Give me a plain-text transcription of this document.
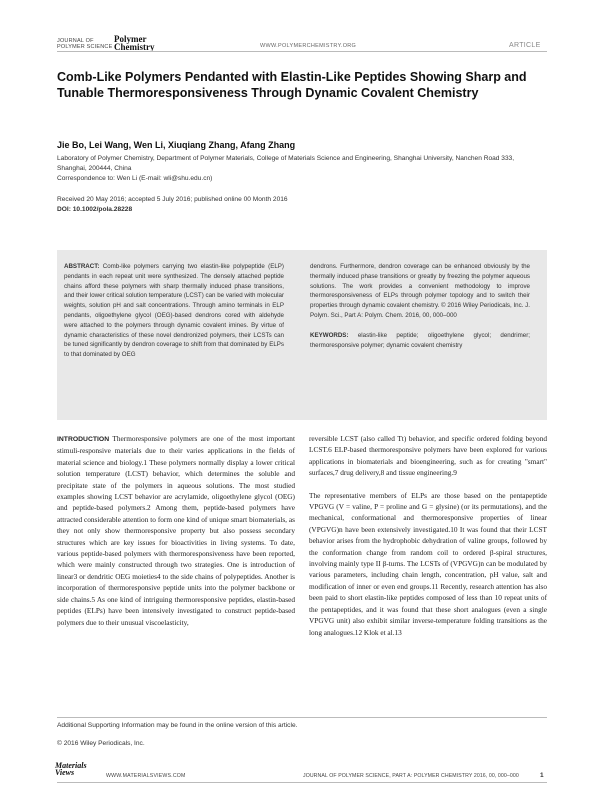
JOURNAL OF
POLYMER SCIENCE
Polymer
Chemistry	WWW.POLYMERCHEMISTRY.ORG	ARTICLE
Comb-Like Polymers Pendanted with Elastin-Like Peptides Showing Sharp and Tunable Thermoresponsiveness Through Dynamic Covalent Chemistry
Jie Bo, Lei Wang, Wen Li, Xiuqiang Zhang, Afang Zhang
Laboratory of Polymer Chemistry, Department of Polymer Materials, College of Materials Science and Engineering, Shanghai University, Nanchen Road 333, Shanghai, 200444, China
Correspondence to: Wen Li (E-mail: wli@shu.edu.cn)
Received 20 May 2016; accepted 5 July 2016; published online 00 Month 2016
DOI: 10.1002/pola.28228
ABSTRACT: Comb-like polymers carrying two elastin-like polypeptide (ELP) pendants in each repeat unit were synthesized. The densely attached peptide chains afford these polymers with sharp thermally induced phase transitions, and their lower critical solution temperature (LCST) can be varied with molecular weights, solution pH and salt concentrations. Through amino terminals in ELP pendants, oligoethylene glycol (OEG)-based dendrons cored with aldehyde were attached to the polymers through dynamic covalent imines. By virtue of dynamic characteristics of these novel dendronized polymers, their LCSTs can be tuned significantly by dendron coverage to shift from that dominated by ELPs to that dominated by OEG
dendrons. Furthermore, dendron coverage can be enhanced obviously by the thermally induced phase transitions or greatly by freezing the polymer aqueous solutions. The work provides a convenient methodology to improve thermoresponsiveness of ELPs through polymer topology and to switch their properties through dynamic covalent chemistry. © 2016 Wiley Periodicals, Inc. J. Polym. Sci., Part A: Polym. Chem. 2016, 00, 000–000
KEYWORDS: elastin-like peptide; oligoethylene glycol; dendrimer; thermoresponsive polymer; dynamic covalent chemistry
INTRODUCTION Thermoresponsive polymers are one of the most important stimuli-responsive materials due to their varies applications in the fields of material science and biology.1 These polymers normally display a lower critical solution temperature (LCST) behavior, which determines the soluble and precipitate state of the polymers in aqueous solutions. The most studied examples showing LCST behavior are acrylamide, oligoethylene glycol (OEG) and peptide-based polymers.2 Among them, peptide-based polymers have attracted considerable attention to form one kind of unique smart biomaterials, as they not only show thermoresponsive property but also possess secondary structures which are key issues for bioactivities in living systems. To date, various peptide-based polymers with thermoresponsiveness have been reported, which were mainly constructed through two strategies. One is introduction of linear3 or dendritic OEG moieties4 to the side chains of polypeptides. Another is incorporation of thermoresponsive peptide units into the polymer backbone or side chains.5 As one kind of intriguing thermoresponsive peptides, elastin-based peptides (ELPs) have been intensively investigated to construct peptide-based polymers due to their unusual viscoelasticity,
reversible LCST (also called Tt) behavior, and specific ordered folding beyond LCST.6 ELP-based thermoresponsive polymers have been explored for various applications in biomaterials and bioengineering, such as for creating "smart" surfaces,7 drug delivery,8 and tissue engineering.9
The representative members of ELPs are those based on the pentapeptide VPGVG (V = valine, P = proline and G = glysine) (or its permutations), and the mechanical, conformational and thermoresponsive properties of linear (VPGVG)n have been extensively investigated.10 It was found that their LCST behavior arises from the hydrophobic dehydration of valine groups, followed by the conformation change from random coil to ordered β-spiral structures, involving mainly type II β-turns. The LCSTs of (VPGVG)n can be modulated by various parameters, including chain length, concentration, pH value, salt and modification of inner or even end groups.11 Recently, research attention has also been paid to short elastin-like peptides composed of less than 10 repeat units of the pentapeptides, and it was found that these short analogues (even a single VPGVG unit) also exhibit similar inverse-temperature folding transitions as the long analogues.12 Klok et al.13
Additional Supporting Information may be found in the online version of this article.
© 2016 Wiley Periodicals, Inc.
Materials
Views	WWW.MATERIALSVIEWS.COM	JOURNAL OF POLYMER SCIENCE, PART A: POLYMER CHEMISTRY 2016, 00, 000–000	1
